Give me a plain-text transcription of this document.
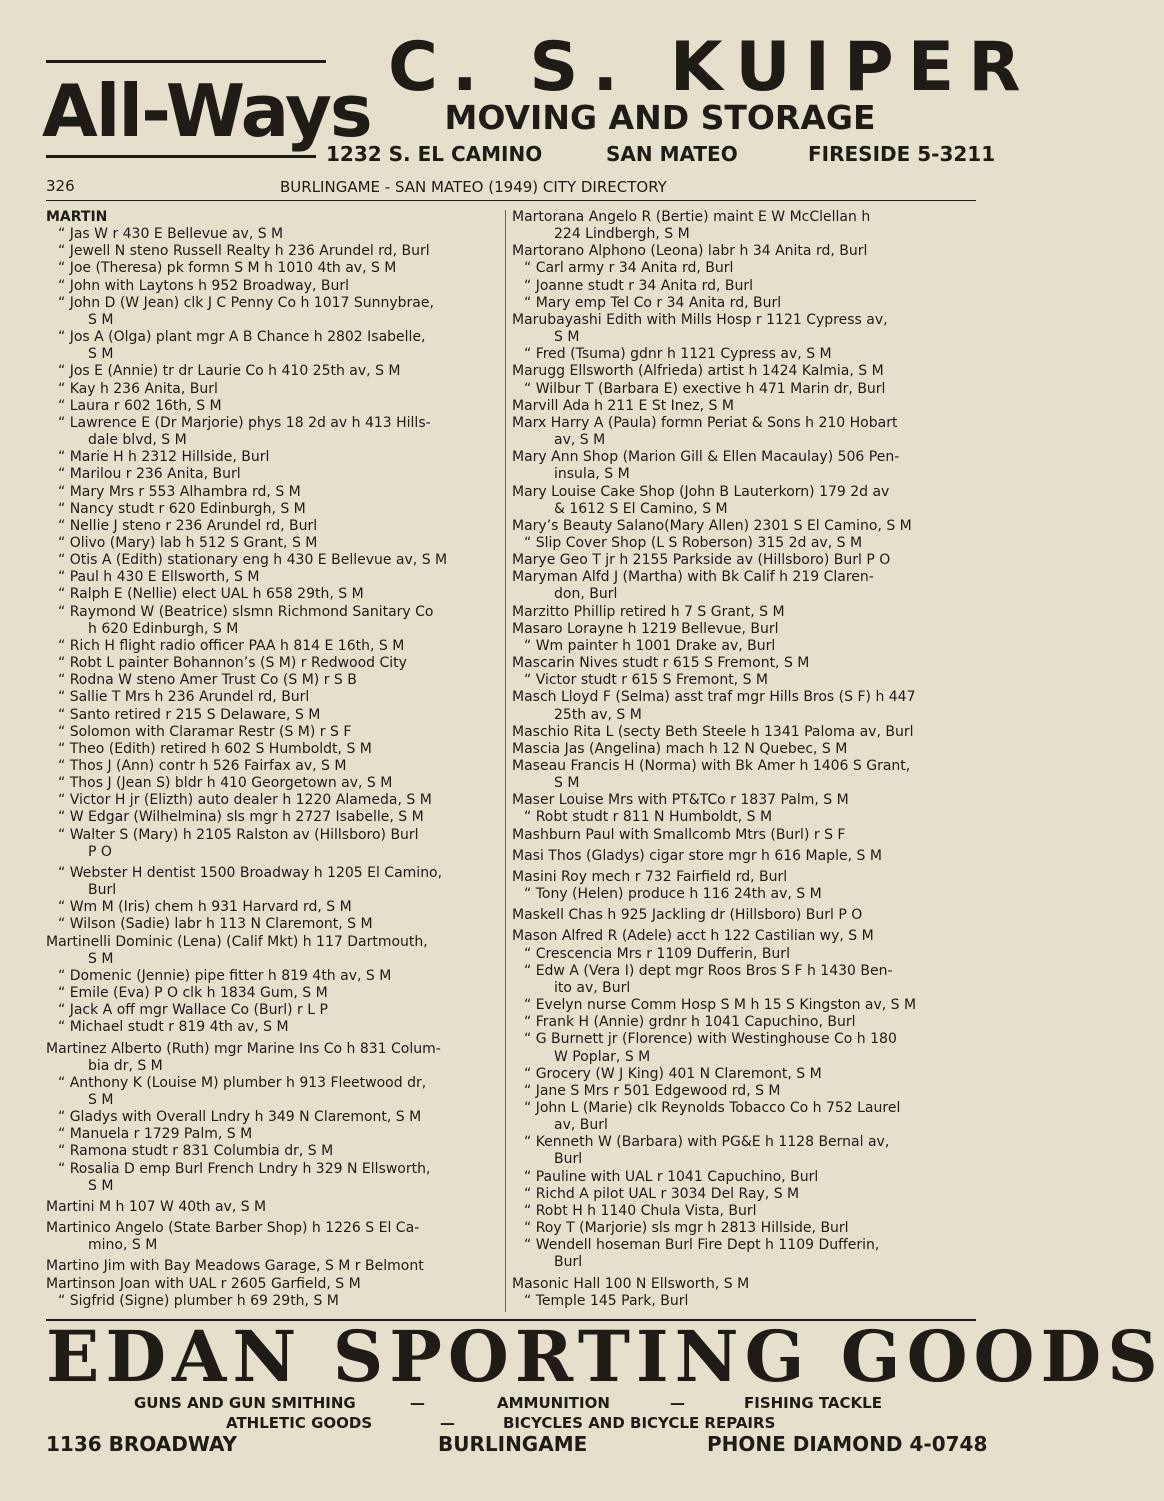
All-Ways
C. S. KUIPER
MOVING AND STORAGE
1232 S. EL CAMINO	SAN MATEO	FIRESIDE 5-3211
326	BURLINGAME - SAN MATEO (1949) CITY DIRECTORY
MARTIN
“ Jas W r 430 E Bellevue av, S M
“ Jewell N steno Russell Realty h 236 Arundel rd, Burl
“ Joe (Theresa) pk formn S M h 1010 4th av, S M
“ John with Laytons h 952 Broadway, Burl
“ John D (W Jean) clk J C Penny Co h 1017 Sunnybrae,
S M
“ Jos A (Olga) plant mgr A B Chance h 2802 Isabelle,
S M
“ Jos E (Annie) tr dr Laurie Co h 410 25th av, S M
“ Kay h 236 Anita, Burl
“ Laura r 602 16th, S M
“ Lawrence E (Dr Marjorie) phys 18 2d av h 413 Hills-
dale blvd, S M
“ Marie H h 2312 Hillside, Burl
“ Marilou r 236 Anita, Burl
“ Mary Mrs r 553 Alhambra rd, S M
“ Nancy studt r 620 Edinburgh, S M
“ Nellie J steno r 236 Arundel rd, Burl
“ Olivo (Mary) lab h 512 S Grant, S M
“ Otis A (Edith) stationary eng h 430 E Bellevue av, S M
“ Paul h 430 E Ellsworth, S M
“ Ralph E (Nellie) elect UAL h 658 29th, S M
“ Raymond W (Beatrice) slsmn Richmond Sanitary Co
h 620 Edinburgh, S M
“ Rich H flight radio officer PAA h 814 E 16th, S M
“ Robt L painter Bohannon’s (S M) r Redwood City
“ Rodna W steno Amer Trust Co (S M) r S B
“ Sallie T Mrs h 236 Arundel rd, Burl
“ Santo retired r 215 S Delaware, S M
“ Solomon with Claramar Restr (S M) r S F
“ Theo (Edith) retired h 602 S Humboldt, S M
“ Thos J (Ann) contr h 526 Fairfax av, S M
“ Thos J (Jean S) bldr h 410 Georgetown av, S M
“ Victor H jr (Elizth) auto dealer h 1220 Alameda, S M
“ W Edgar (Wilhelmina) sls mgr h 2727 Isabelle, S M
“ Walter S (Mary) h 2105 Ralston av (Hillsboro) Burl
P O
“ Webster H dentist 1500 Broadway h 1205 El Camino,
Burl
“ Wm M (Iris) chem h 931 Harvard rd, S M
“ Wilson (Sadie) labr h 113 N Claremont, S M
Martinelli Dominic (Lena) (Calif Mkt) h 117 Dartmouth,
S M
“ Domenic (Jennie) pipe fitter h 819 4th av, S M
“ Emile (Eva) P O clk h 1834 Gum, S M
“ Jack A off mgr Wallace Co (Burl) r L P
“ Michael studt r 819 4th av, S M
Martinez Alberto (Ruth) mgr Marine Ins Co h 831 Colum-
bia dr, S M
“ Anthony K (Louise M) plumber h 913 Fleetwood dr,
S M
“ Gladys with Overall Lndry h 349 N Claremont, S M
“ Manuela r 1729 Palm, S M
“ Ramona studt r 831 Columbia dr, S M
“ Rosalia D emp Burl French Lndry h 329 N Ellsworth,
S M
Martini M h 107 W 40th av, S M
Martinico Angelo (State Barber Shop) h 1226 S El Ca-
mino, S M
Martino Jim with Bay Meadows Garage, S M r Belmont
Martinson Joan with UAL r 2605 Garfield, S M
“ Sigfrid (Signe) plumber h 69 29th, S M
Martorana Angelo R (Bertie) maint E W McClellan h
224 Lindbergh, S M
Martorano Alphono (Leona) labr h 34 Anita rd, Burl
“ Carl army r 34 Anita rd, Burl
“ Joanne studt r 34 Anita rd, Burl
“ Mary emp Tel Co r 34 Anita rd, Burl
Marubayashi Edith with Mills Hosp r 1121 Cypress av,
S M
“ Fred (Tsuma) gdnr h 1121 Cypress av, S M
Marugg Ellsworth (Alfrieda) artist h 1424 Kalmia, S M
“ Wilbur T (Barbara E) exective h 471 Marin dr, Burl
Marvill Ada h 211 E St Inez, S M
Marx Harry A (Paula) formn Periat & Sons h 210 Hobart
av, S M
Mary Ann Shop (Marion Gill & Ellen Macaulay) 506 Pen-
insula, S M
Mary Louise Cake Shop (John B Lauterkorn) 179 2d av
& 1612 S El Camino, S M
Mary’s Beauty Salano(Mary Allen) 2301 S El Camino, S M
“ Slip Cover Shop (L S Roberson) 315 2d av, S M
Marye Geo T jr h 2155 Parkside av (Hillsboro) Burl P O
Maryman Alfd J (Martha) with Bk Calif h 219 Claren-
don, Burl
Marzitto Phillip retired h 7 S Grant, S M
Masaro Lorayne h 1219 Bellevue, Burl
“ Wm painter h 1001 Drake av, Burl
Mascarin Nives studt r 615 S Fremont, S M
“ Victor studt r 615 S Fremont, S M
Masch Lloyd F (Selma) asst traf mgr Hills Bros (S F) h 447
25th av, S M
Maschio Rita L (secty Beth Steele h 1341 Paloma av, Burl
Mascia Jas (Angelina) mach h 12 N Quebec, S M
Maseau Francis H (Norma) with Bk Amer h 1406 S Grant,
S M
Maser Louise Mrs with PT&TCo r 1837 Palm, S M
“ Robt studt r 811 N Humboldt, S M
Mashburn Paul with Smallcomb Mtrs (Burl) r S F
Masi Thos (Gladys) cigar store mgr h 616 Maple, S M
Masini Roy mech r 732 Fairfield rd, Burl
“ Tony (Helen) produce h 116 24th av, S M
Maskell Chas h 925 Jackling dr (Hillsboro) Burl P O
Mason Alfred R (Adele) acct h 122 Castilian wy, S M
“ Crescencia Mrs r 1109 Dufferin, Burl
“ Edw A (Vera I) dept mgr Roos Bros S F h 1430 Ben-
ito av, Burl
“ Evelyn nurse Comm Hosp S M h 15 S Kingston av, S M
“ Frank H (Annie) grdnr h 1041 Capuchino, Burl
“ G Burnett jr (Florence) with Westinghouse Co h 180
W Poplar, S M
“ Grocery (W J King) 401 N Claremont, S M
“ Jane S Mrs r 501 Edgewood rd, S M
“ John L (Marie) clk Reynolds Tobacco Co h 752 Laurel
av, Burl
“ Kenneth W (Barbara) with PG&E h 1128 Bernal av,
Burl
“ Pauline with UAL r 1041 Capuchino, Burl
“ Richd A pilot UAL r 3034 Del Ray, S M
“ Robt H h 1140 Chula Vista, Burl
“ Roy T (Marjorie) sls mgr h 2813 Hillside, Burl
“ Wendell hoseman Burl Fire Dept h 1109 Dufferin,
Burl
Masonic Hall 100 N Ellsworth, S M
“ Temple 145 Park, Burl
EDAN SPORTING GOODS
GUNS AND GUN SMITHING	—	AMMUNITION	—	FISHING TACKLE
ATHLETIC GOODS	—	BICYCLES AND BICYCLE REPAIRS
1136 BROADWAY	BURLINGAME	PHONE DIAMOND 4-0748
